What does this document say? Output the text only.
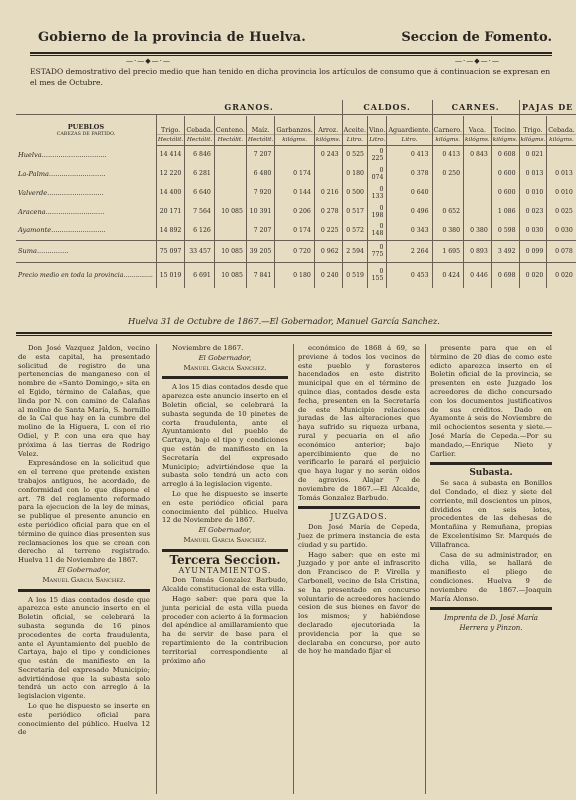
Gobierno de la provincia de Huelva.	Seccion de Fomento.
—·—◆—·—	—·—◆—·—
ESTADO demostrativo del precio medio que han tenido en dicha provincia los artículos de consumo que á continuacion se expresan en el mes de Octubre.
	GRANOS.						CALDOS.			CARNES.			PAJAS DE	

PUEBLOS
CABEZAS DE PARTIDO.	Trigo.	Cebada.	Centeno.	Maíz.	Garbanzos.	Arroz.	Aceite.	Vino.	Aguardiente.	Carnero.	Vaca.	Tocino.	Trigo.	Cebada.
	Hectólit.	Hectólit.	Hectólit.	Hectólit.	kilógms.	kilógms.	Litro.	Litro.	Litro.	kilógms.	kilógms.	kilógms.	kilógms.	kilógms.
Huelva...............................	14 414	6 846		7 207		0 243	0 525	0 225	0 413	0 413	0 843	0 608	0 021	
La-Palma...........................	12 220	6 281		6 480	0 174		0 180	0 074	0 378	0 250		0 600	0 013	0 013
Valverde...........................	14 400	6 640		7 920	0 144	0 216	0 500	0 133	0 640			0 600	0 010	0 010
Aracena............................	20 171	7 564	10 085	10 391	0 206	0 278	0 517	0 198	0 496	0 652		1 086	0 023	0 025
Ayamonte..........................	14 892	6 126		7 207	0 174	0 225	0 572	0 148	0 343	0 380	0 380	0 598	0 030	0 030
Suma...............	75 097	33 457	10 085	39 205	0 720	0 962	2 594	0 775	2 264	1 695	0 893	3 492	0 099	0 078
Precio medio en toda la provincia...............	15 019	6 691	10 085	7 841	0 180	0 240	0 519	0 155	0 453	0 424	0 446	0 698	0 020	0 020
Huelva 31 de Octubre de 1867.—El Gobernador, Manuel García Sanchez.

Don José Vazquez Jaldon, vecino de esta capital, ha presentado solicitud de registro de una pertenencias de manganeso con el nombre de «Santo Domingo,» sita en el Egido, término de Calañas, que linda por N. con camino de Calañas al molino de Santa María, S. hornillo de la Cal que hay en la cumbre del molino de la Higuera, L con el rio Odiel, y P. con una era que hay próxima á las tierras de Rodrigo Velez.

Expresándose en la solicitud que en el terreno que pretende existen trabajos antiguos, he acordado, de conformidad con lo que dispone el art. 78 del reglamento reformado para la ejecucion de la ley de minas, se publique el presente anuncio en este periódico oficial para que en el término de quince dias presenten sus reclamaciones los que se crean con derecho al terreno registrado. Huelva 11 de Noviembre de 1867.

El Gobernador,

Manuel Garcia Sanchez.

A los 15 dias contados desde que aparezca este anuncio inserto en el Boletin oficial, se celebrará la subasta segunda de 16 pinos procedentes de corta fraudulenta, ante el Ayuntamiento del pueblo de Cartaya, bajo el tipo y condiciones que están de manifiesto en la Secretaría del expresado Municipio; advirtiéndose que la subasta solo tendrá un acto con arreglo á la legislacion vigente.

Lo que he dispuesto se inserte en este periódico oficial para conocimiento del público. Huelva 12 de

Noviembre de 1867.

El Gobernador,

Manuel Garcia Sanchez.

A los 15 dias contados desde que aparezca este anuncio inserto en el Boletin oficial, se celebrará la subasta segunda de 10 pinetes de corta fraudulenta, ante el Ayuntamiento del pueblo de Cartaya, bajo el tipo y condiciones que están de manifiesto en la Secretaría del expresado Municipio; advirtiéndose que la subasta solo tendrá un acto con arreglo á la legislacion vigente.

Lo que he dispuesto se inserte en este periódico oficial para conocimiento del público. Huelva 12 de Noviembre de 1867.

El Gobernador,

Manuel Garcia Sanchez.

Tercera Seccion.

AYUNTAMIENTOS.

Don Tomás Gonzalez Barbudo, Alcalde constitucional de esta villa.

Hago saber: que para que la junta pericial de esta villa pueda proceder con acierto á la formacion del apéndice al amillaramiento que ha de servir de base para el repartimiento de la contribucion territorial correspondiente al próximo año

económico de 1868 á 69, se previene á todos los vecinos de este pueblo y forasteros hacendados en este distrito municipal que en el término de quince dias, contados desde esta fecha, presenten en la Secretaría de este Municipio relaciones juradas de las alteraciones que haya sufrido su riqueza urbana, rural y pecuaria en el año económico anterior; bajo apercibimiento que de no verificarlo le parará el perjuicio que haya lugar y no serán oidos de agravios. Alajar 7 de noviembre de 1867.—El Alcalde, Tomás Gonzalez Barbudo.

JUZGADOS.

Don José María de Cepeda, Juez de primera instancia de esta ciudad y su partido.

Hago saber: que en este mi Juzgado y por ante el infrascrito don Francisco de P. Virella y Carbonell, vecino de Isla Cristina, se ha presentado en concurso voluntario de acreedores haciendo cesion de sus bienes en favor de los mismos; y habiéndose declarado ejecutoriada la providencia por la que se declaraba en concurso, por auto de hoy he mandado fijar el

presente para que en el término de 20 dias de como este edicto aparezca inserto en el Boletin oficial de la provincia, se presenten en este Juzgado los acreedores de dicho concursado con los documentos justificativos de sus créditos. Dado en Ayamonte á seis de Noviembre de mil ochocientos sesenta y siete.—José María de Cepeda.—Por su mandado,—Enrique Nieto y Carlier.

Subasta.

Se saca á subasta en Bonillos del Condado, el diez y siete del corriente, mil doscientos un pinos, divididos en seis lotes, procedentes de las dehesas de Montañina y Remuñana, propias de Excelentísimo Sr. Marqués de Villafranca.

Casa de su administrador, en dicha villa, se hallará de manifiesto el pliego de condiciones. Huelva 9 de noviembre de 1867.—Joaquin María Alonso.

Imprenta de D. José María

Herrera y Pinzon.
